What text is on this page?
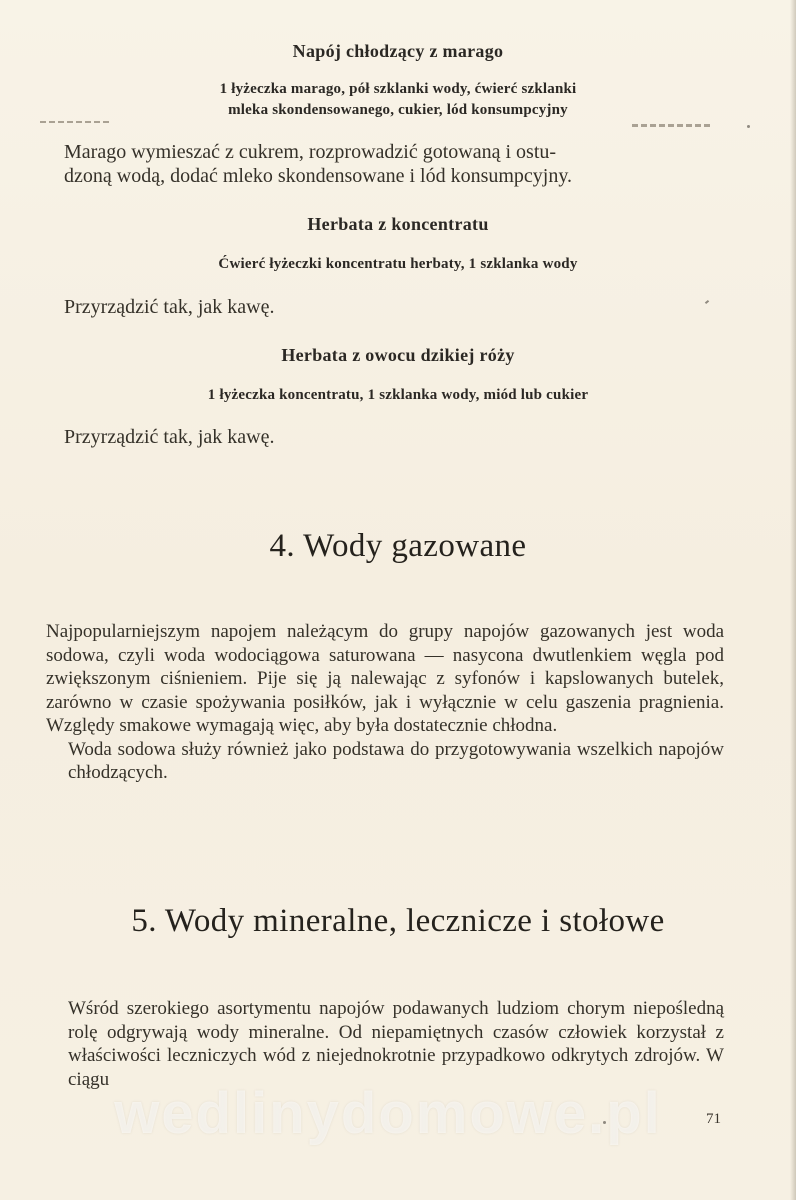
Napój chłodzący z marago
1 łyżeczka marago, pół szklanki wody, ćwierć szklanki
mleka skondensowanego, cukier, lód konsumpcyjny
Marago wymieszać z cukrem, rozprowadzić gotowaną i ostu-
dzoną wodą, dodać mleko skondensowane i lód konsumpcyjny.
Herbata z koncentratu
Ćwierć łyżeczki koncentratu herbaty, 1 szklanka wody
Przyrządzić tak, jak kawę.
Herbata z owocu dzikiej róży
1 łyżeczka koncentratu, 1 szklanka wody, miód lub cukier
Przyrządzić tak, jak kawę.
4. Wody gazowane
Najpopularniejszym napojem należącym do grupy napojów gazowanych jest woda sodowa, czyli woda wodociągowa saturowana — nasycona dwutlenkiem węgla pod zwiększonym ciśnieniem. Pije się ją nalewając z syfonów i kapslowanych butelek, zarówno w czasie spożywania posiłków, jak i wyłącznie w celu gaszenia pragnienia. Względy smakowe wymagają więc, aby była dostatecznie chłodna.
Woda sodowa służy również jako podstawa do przygotowywania wszelkich napojów chłodzących.
5. Wody mineralne, lecznicze i stołowe
Wśród szerokiego asortymentu napojów podawanych ludziom chorym niepośledną rolę odgrywają wody mineralne. Od niepamiętnych czasów człowiek korzystał z właściwości leczniczych wód z niejednokrotnie przypadkowo odkrytych zdrojów. W ciągu
wedlinydomowe.pl	71
